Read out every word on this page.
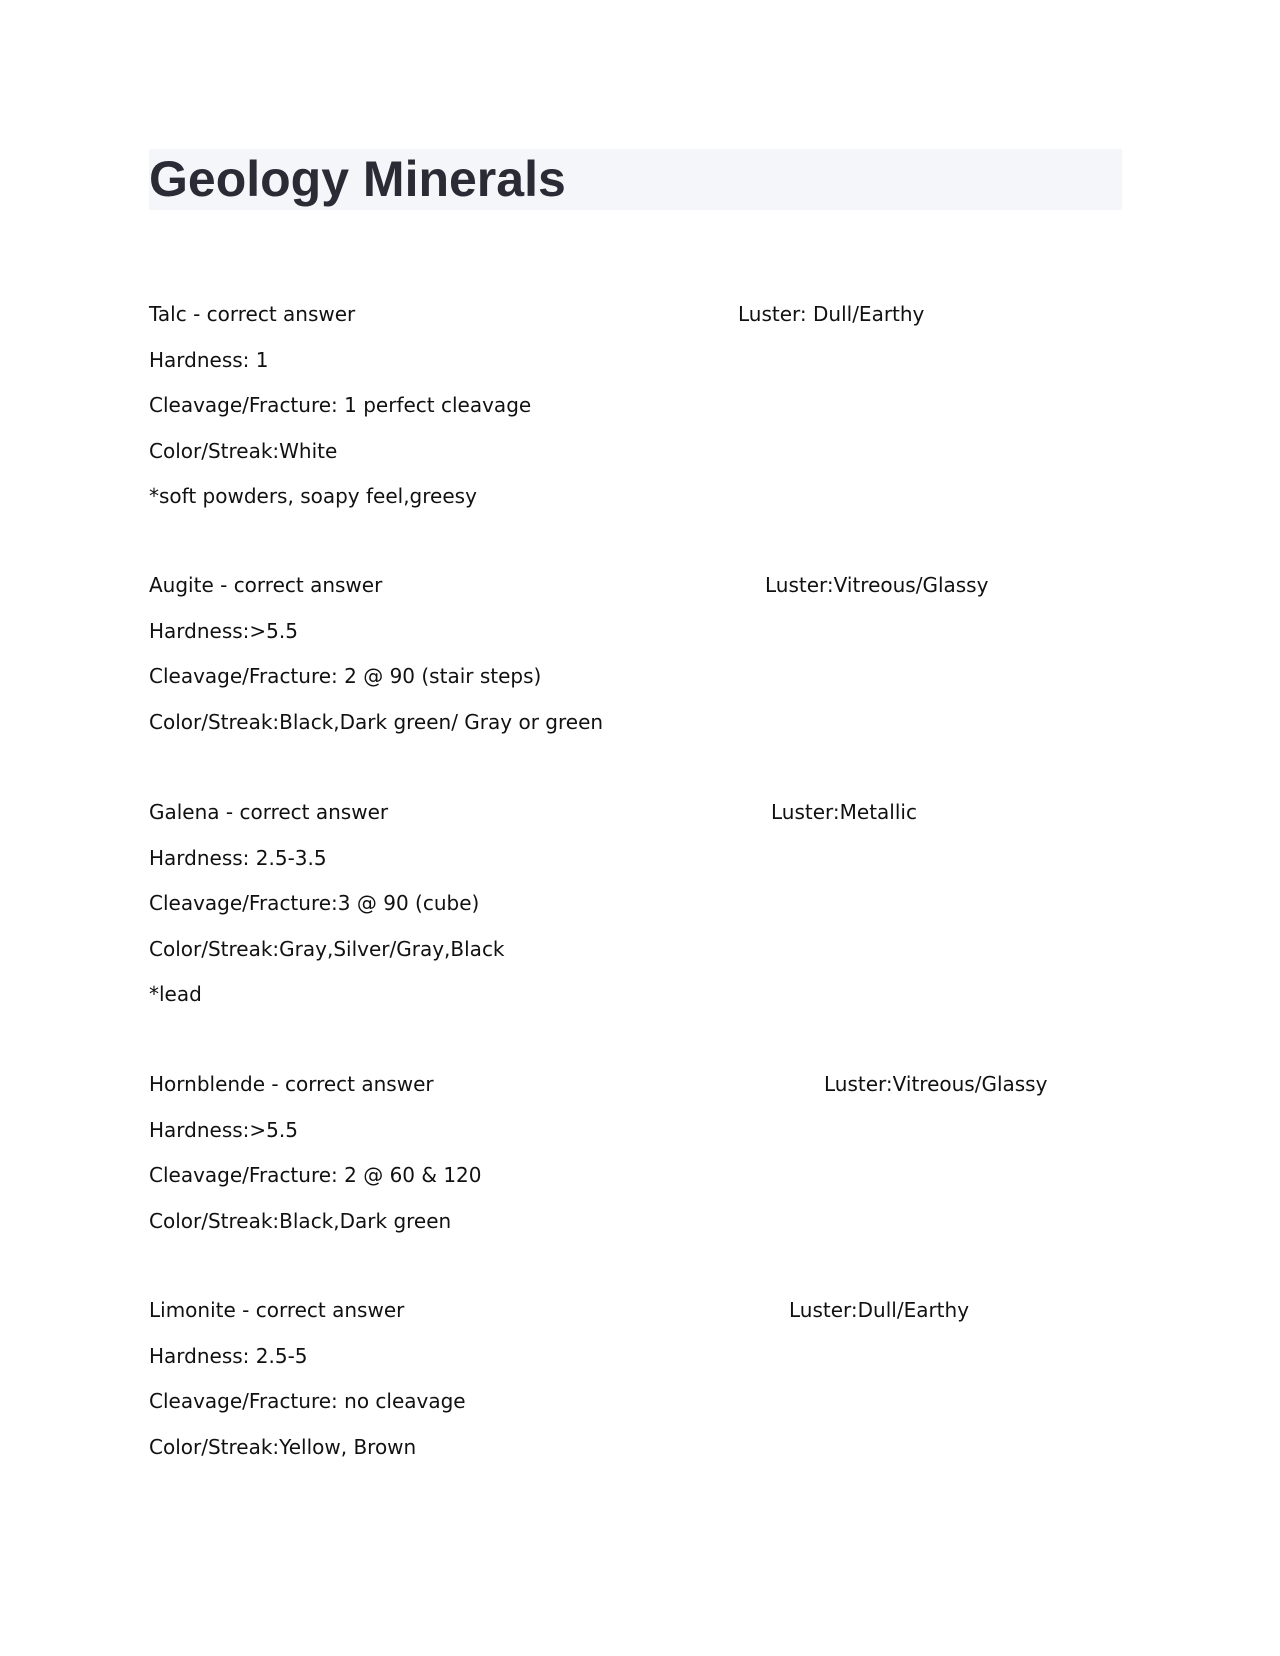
Geology Minerals
Talc - correct answer	Luster: Dull/Earthy
Hardness: 1
Cleavage/Fracture: 1 perfect cleavage
Color/Streak:White
*soft powders, soapy feel,greesy
Augite - correct answer	Luster:Vitreous/Glassy
Hardness:>5.5
Cleavage/Fracture: 2 @ 90 (stair steps)
Color/Streak:Black,Dark green/ Gray or green
Galena - correct answer	Luster:Metallic
Hardness: 2.5-3.5
Cleavage/Fracture:3 @ 90 (cube)
Color/Streak:Gray,Silver/Gray,Black
*lead
Hornblende - correct answer	Luster:Vitreous/Glassy
Hardness:>5.5
Cleavage/Fracture: 2 @ 60 & 120
Color/Streak:Black,Dark green
Limonite - correct answer	Luster:Dull/Earthy
Hardness: 2.5-5
Cleavage/Fracture: no cleavage
Color/Streak:Yellow, Brown
